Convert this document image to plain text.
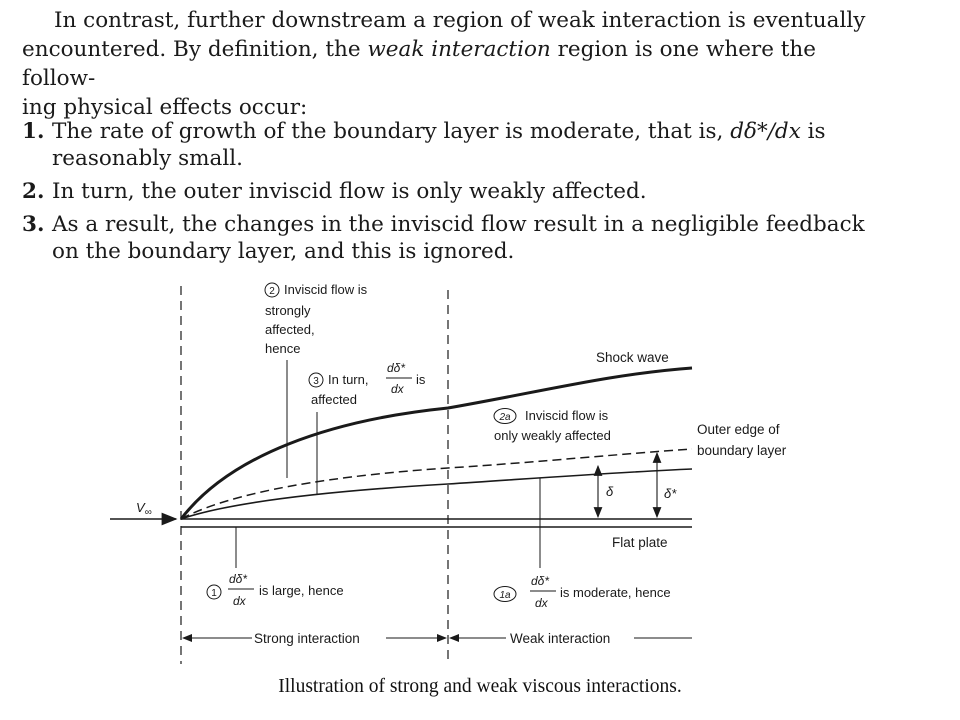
In contrast, further downstream a region of weak interaction is eventually

encountered. By definition, the weak interaction region is one where the follow-

ing physical effects occur:

1. The rate of growth of the boundary layer is moderate, that is, dδ*/dx is reasonably small.
2. In turn, the outer inviscid flow is only weakly affected.
3. As a result, the changes in the inviscid flow result in a negligible feedback on the boundary layer, and this is ignored.
$V_\infty$
Flat plate
Shock wave
Outer edge of
boundary layer
δ	δ*
2 Inviscid flow is
strongly
affected,
hence
3 In turn,
dδ*
dx
is
affected
2a Inviscid flow is
only weakly affected
1
dδ*
dx
is large, hence	1a
dδ*
dx
is moderate, hence
Strong interaction	Weak interaction
Illustration of strong and weak viscous interactions.
